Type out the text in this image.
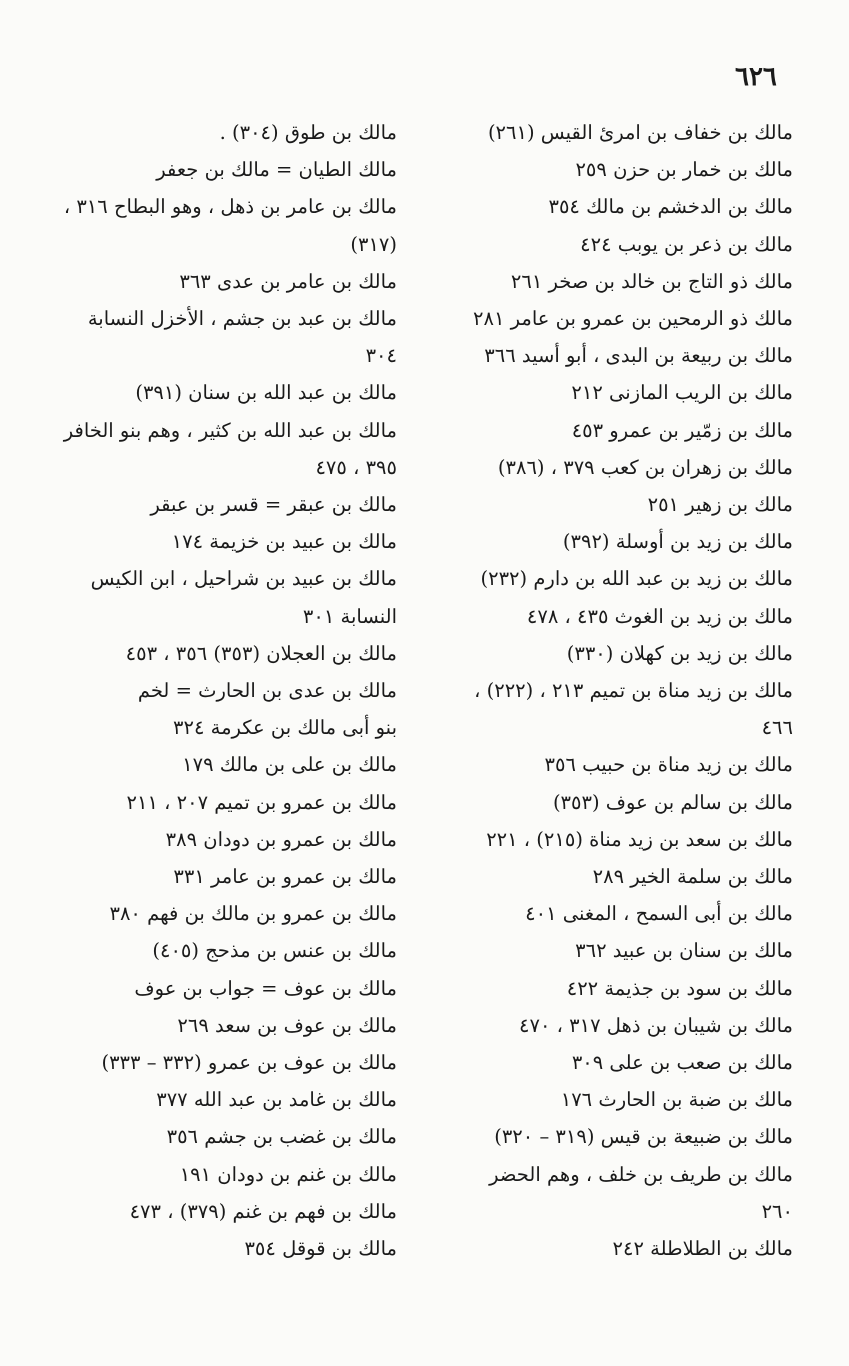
٦٢٦
مالك بن خفاف بن امرئ القيس (٢٦١)
مالك بن خمار بن حزن ٢٥٩
مالك بن الدخشم بن مالك ٣٥٤
مالك بن ذعر بن يوبب ٤٢٤
مالك ذو التاج بن خالد بن صخر ٢٦١
مالك ذو الرمحين بن عمرو بن عامر ٢٨١
مالك بن ربيعة بن البدى ، أبو أسيد ٣٦٦
مالك بن الريب المازنى ٢١٢
مالك بن زمّير بن عمرو ٤٥٣
مالك بن زهران بن كعب ٣٧٩ ، (٣٨٦)
مالك بن زهير ٢٥١
مالك بن زيد بن أوسلة (٣٩٢)
مالك بن زيد بن عبد الله بن دارم (٢٣٢)
مالك بن زيد بن الغوث ٤٣٥ ، ٤٧٨
مالك بن زيد بن كهلان (٣٣٠)
مالك بن زيد مناة بن تميم ٢١٣ ، (٢٢٢) ، ٤٦٦
مالك بن زيد مناة بن حبيب ٣٥٦
مالك بن سالم بن عوف (٣٥٣)
مالك بن سعد بن زيد مناة (٢١٥) ، ٢٢١
مالك بن سلمة الخير ٢٨٩
مالك بن أبى السمح ، المغنى ٤٠١
مالك بن سنان بن عبيد ٣٦٢
مالك بن سود بن جذيمة ٤٢٢
مالك بن شيبان بن ذهل ٣١٧ ، ٤٧٠
مالك بن صعب بن على ٣٠٩
مالك بن ضبة بن الحارث ١٧٦
مالك بن ضبيعة بن قيس (٣١٩ – ٣٢٠)
مالك بن طريف بن خلف ، وهم الحضر ٢٦٠
مالك بن الطلاطلة ٢٤٢
مالك بن طوق (٣٠٤) .
مالك الطيان = مالك بن جعفر
مالك بن عامر بن ذهل ، وهو البطاح ٣١٦ ، (٣١٧)
مالك بن عامر بن عدى ٣٦٣
مالك بن عبد بن جشم ، الأخزل النسابة ٣٠٤
مالك بن عبد الله بن سنان (٣٩١)
مالك بن عبد الله بن كثير ، وهم بنو الخافر ٣٩٥ ، ٤٧٥
مالك بن عبقر = قسر بن عبقر
مالك بن عبيد بن خزيمة ١٧٤
مالك بن عبيد بن شراحيل ، ابن الكيس النسابة ٣٠١
مالك بن العجلان (٣٥٣) ٣٥٦ ، ٤٥٣
مالك بن عدى بن الحارث = لخم
بنو أبى مالك بن عكرمة ٣٢٤
مالك بن على بن مالك ١٧٩
مالك بن عمرو بن تميم ٢٠٧ ، ٢١١
مالك بن عمرو بن دودان ٣٨٩
مالك بن عمرو بن عامر ٣٣١
مالك بن عمرو بن مالك بن فهم ٣٨٠
مالك بن عنس بن مذحج (٤٠٥)
مالك بن عوف = جواب بن عوف
مالك بن عوف بن سعد ٢٦٩
مالك بن عوف بن عمرو (٣٣٢ – ٣٣٣)
مالك بن غامد بن عبد الله ٣٧٧
مالك بن غضب بن جشم ٣٥٦
مالك بن غنم بن دودان ١٩١
مالك بن فهم بن غنم (٣٧٩) ، ٤٧٣
مالك بن قوقل ٣٥٤
